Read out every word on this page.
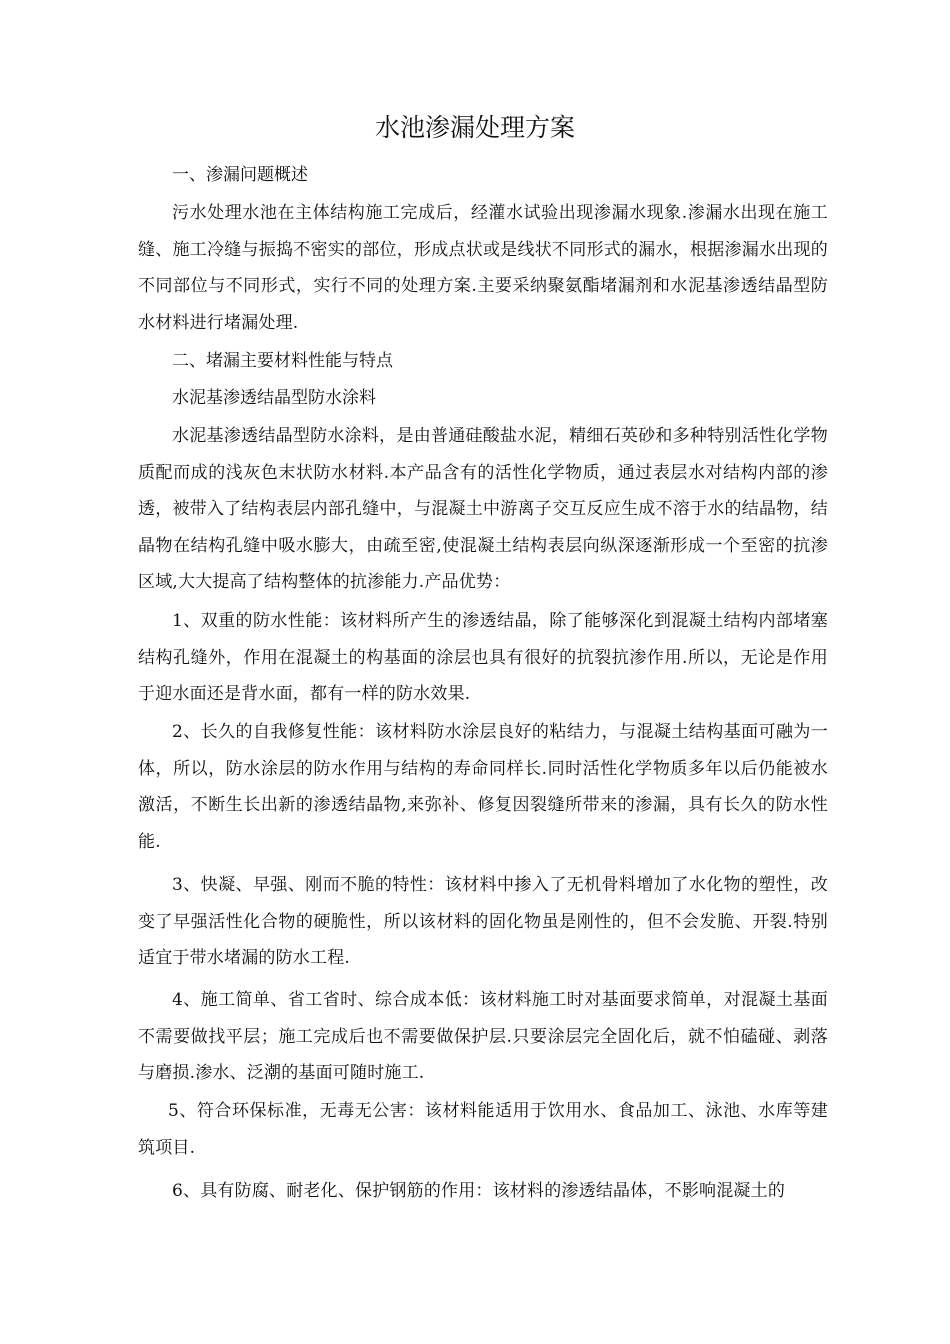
水池渗漏处理方案

一、渗漏问题概述

污水处理水池在主体结构施工完成后，经灌水试验出现渗漏水现象.渗漏水出现在施工缝、施工冷缝与振捣不密实的部位，形成点状或是线状不同形式的漏水，根据渗漏水出现的不同部位与不同形式，实行不同的处理方案.主要采纳聚氨酯堵漏剂和水泥基渗透结晶型防水材料进行堵漏处理.

二、堵漏主要材料性能与特点

水泥基渗透结晶型防水涂料

水泥基渗透结晶型防水涂料，是由普通硅酸盐水泥，精细石英砂和多种特别活性化学物质配而成的浅灰色末状防水材料.本产品含有的活性化学物质，通过表层水对结构内部的渗透，被带入了结构表层内部孔缝中，与混凝土中游离子交互反应生成不溶于水的结晶物，结晶物在结构孔缝中吸水膨大，由疏至密,使混凝土结构表层向纵深逐渐形成一个至密的抗渗区域,大大提高了结构整体的抗渗能力.产品优势：

1、双重的防水性能：该材料所产生的渗透结晶，除了能够深化到混凝土结构内部堵塞结构孔缝外，作用在混凝土的构基面的涂层也具有很好的抗裂抗渗作用.所以，无论是作用于迎水面还是背水面，都有一样的防水效果.

2、长久的自我修复性能：该材料防水涂层良好的粘结力，与混凝土结构基面可融为一体，所以，防水涂层的防水作用与结构的寿命同样长.同时活性化学物质多年以后仍能被水激活，不断生长出新的渗透结晶物,来弥补、修复因裂缝所带来的渗漏，具有长久的防水性能.

3、快凝、早强、刚而不脆的特性：该材料中掺入了无机骨料增加了水化物的塑性，改变了早强活性化合物的硬脆性，所以该材料的固化物虽是刚性的，但不会发脆、开裂.特别适宜于带水堵漏的防水工程.

4、施工简单、省工省时、综合成本低：该材料施工时对基面要求简单，对混凝土基面不需要做找平层；施工完成后也不需要做保护层.只要涂层完全固化后，就不怕磕碰、剥落与磨损.渗水、泛潮的基面可随时施工.

5、符合环保标准，无毒无公害：该材料能适用于饮用水、食品加工、泳池、水库等建筑项目.

6、具有防腐、耐老化、保护钢筋的作用：该材料的渗透结晶体，不影响混凝土的
